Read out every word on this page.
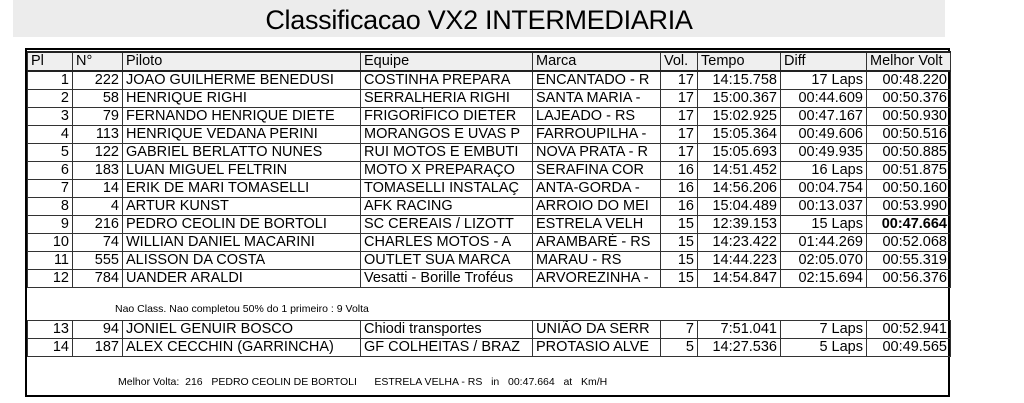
Classificacao VX2 INTERMEDIARIA
Pl	N°	Piloto	Equipe	Marca	Vol.	Tempo	Diff	Melhor Volt
1	222	JOAO GUILHERME BENEDUSI	COSTINHA PREPARA	ENCANTADO - R	17	14:15.758	17 Laps	00:48.220
2	58	HENRIQUE RIGHI	SERRALHERIA RIGHI	SANTA MARIA -	17	15:00.367	00:44.609	00:50.376
3	79	FERNANDO HENRIQUE DIETE	FRIGORÍFICO DIETER	LAJEADO - RS	17	15:02.925	00:47.167	00:50.930
4	113	HENRIQUE VEDANA PERINI	MORANGOS E UVAS P	FARROUPILHA -	17	15:05.364	00:49.606	00:50.516
5	122	GABRIEL BERLATTO NUNES	RUI MOTOS E EMBUTI	NOVA PRATA - R	17	15:05.693	00:49.935	00:50.885
6	183	LUAN MIGUEL FELTRIN	MOTO X PREPARAÇO	SERAFINA COR	16	14:51.452	16 Laps	00:51.875
7	14	ERIK DE MARI TOMASELLI	TOMASELLI INSTALAÇ	ANTA-GORDA -	16	14:56.206	00:04.754	00:50.160
8	4	ARTUR KUNST	AFK RACING	ARROIO DO MEI	16	15:04.489	00:13.037	00:53.990
9	216	PEDRO CEOLIN DE BORTOLI	SC CEREAIS / LIZOTT	ESTRELA VELH	15	12:39.153	15 Laps	00:47.664
10	74	WILLIAN DANIEL MACARINI	CHARLES MOTOS - A	ARAMBARÉ - RS	15	14:23.422	01:44.269	00:52.068
11	555	ALISSON DA COSTA	OUTLET SUA MARCA	MARAU - RS	15	14:44.223	02:05.070	00:55.319
12	784	UANDER ARALDI	Vesatti - Borille Troféus	ARVOREZINHA -	15	14:54.847	02:15.694	00:56.376
Nao Class. Nao completou 50% do 1 primeiro : 9 Volta
13	94	JONIEL GENUIR BOSCO	Chiodi transportes	UNIÃO DA SERR	7	7:51.041	7 Laps	00:52.941
14	187	ALEX CECCHIN (GARRINCHA)	GF COLHEITAS / BRAZ	PROTASIO ALVE	5	14:27.536	5 Laps	00:49.565
Melhor Volta:  216   PEDRO CEOLIN DE BORTOLI      ESTRELA VELHA - RS   in   00:47.664   at   Km/H
